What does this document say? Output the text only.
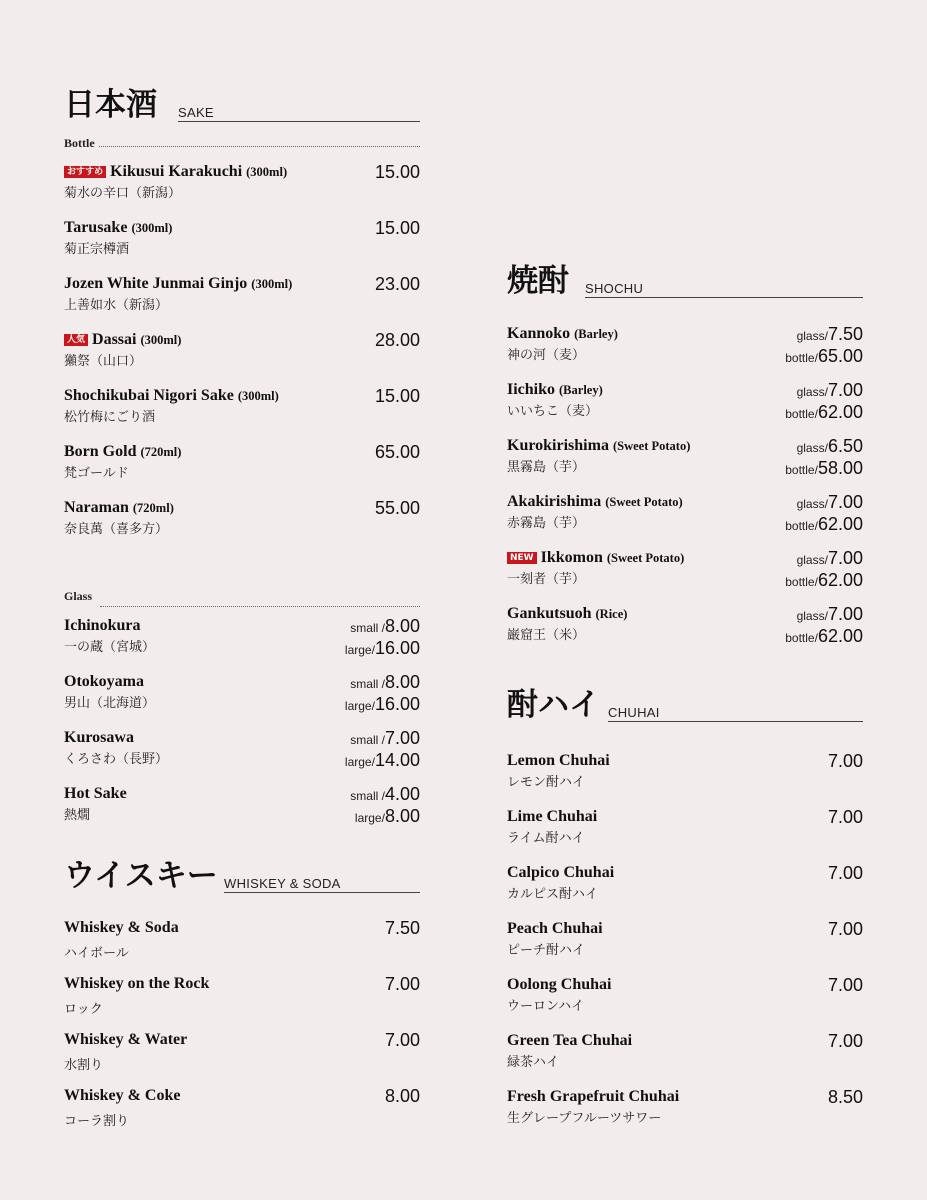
日本酒 SAKE
Bottle
おすすめ Kikusui Karakuchi (300ml)
菊水の辛口（新潟）
15.00
Tarusake (300ml)
菊正宗樽酒
15.00
Jozen White Junmai Ginjo (300ml)
上善如水（新潟）
23.00
人気 Dassai (300ml)
獺祭（山口）
28.00
Shochikubai Nigori Sake (300ml)
松竹梅にごり酒
15.00
Born Gold (720ml)
梵ゴールド
65.00
Naraman (720ml)
奈良萬（喜多方）
55.00
Glass
Ichinokura
一の蔵（宮城）
small /8.00
large/16.00
Otokoyama
男山（北海道）
small /8.00
large/16.00
Kurosawa
くろさわ（長野）
small /7.00
large/14.00
Hot Sake
熱燗
small /4.00
large/8.00
ウイスキー WHISKEY & SODA
Whiskey & Soda
ハイボール
7.50
Whiskey on the Rock
ロック
7.00
Whiskey & Water
水割り
7.00
Whiskey & Coke
コーラ割り
8.00
焼酎 SHOCHU
Kannoko (Barley)
神の河（麦）
glass/7.50
bottle/65.00
Iichiko (Barley)
いいちこ（麦）
glass/7.00
bottle/62.00
Kurokirishima (Sweet Potato)
黒霧島（芋）
glass/6.50
bottle/58.00
Akakirishima (Sweet Potato)
赤霧島（芋）
glass/7.00
bottle/62.00
NEW Ikkomon (Sweet Potato)
一刻者（芋）
glass/7.00
bottle/62.00
Gankutsuoh (Rice)
巌窟王（米）
glass/7.00
bottle/62.00
酎ハイ CHUHAI
Lemon Chuhai
レモン酎ハイ
7.00
Lime Chuhai
ライム酎ハイ
7.00
Calpico Chuhai
カルピス酎ハイ
7.00
Peach Chuhai
ピーチ酎ハイ
7.00
Oolong Chuhai
ウーロンハイ
7.00
Green Tea Chuhai
緑茶ハイ
7.00
Fresh Grapefruit Chuhai
生グレープフルーツサワー
8.50
